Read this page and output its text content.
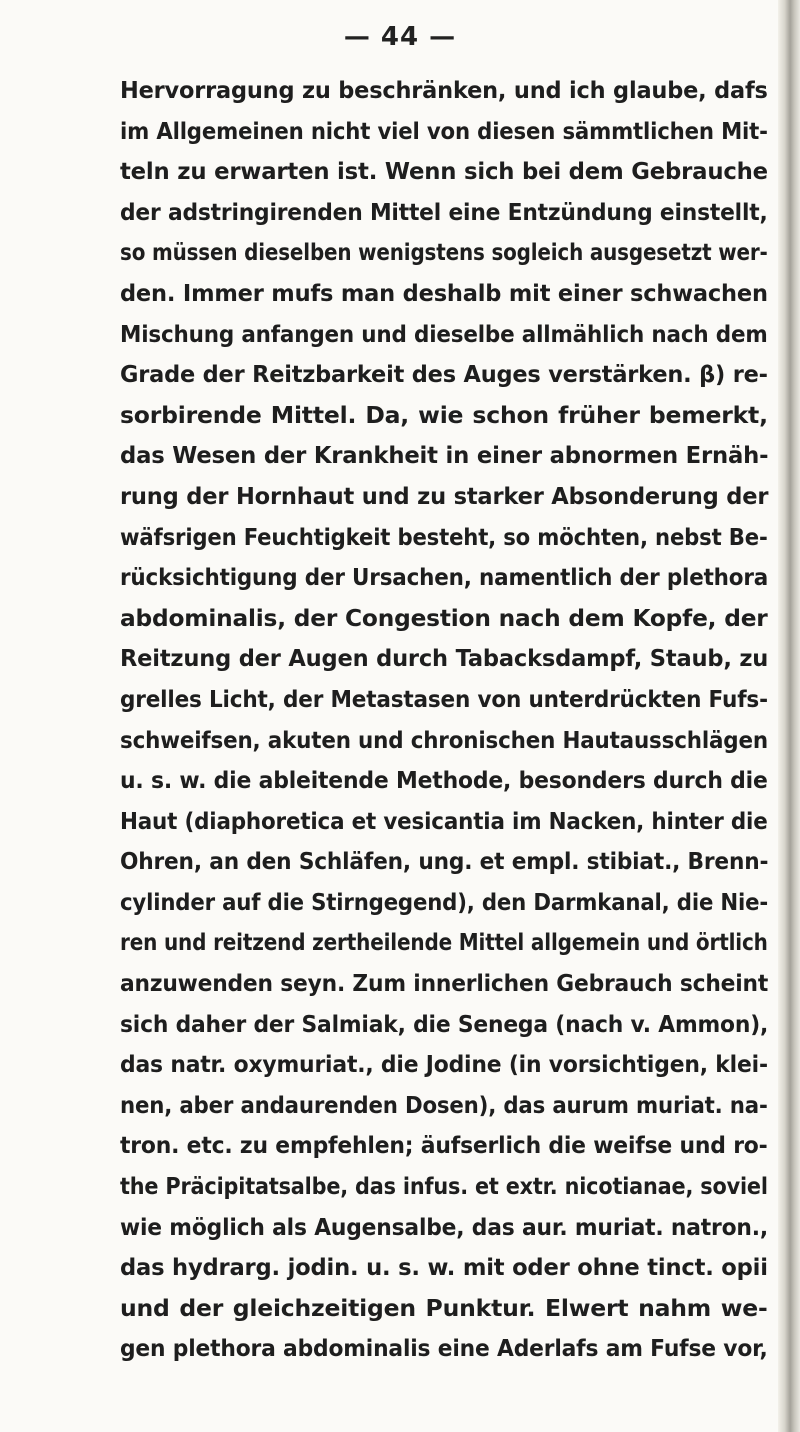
— 44 —
Hervorragung zu beschränken, und ich glaube, dafs
im Allgemeinen nicht viel von diesen sämmtlichen Mit-
teln zu erwarten ist. Wenn sich bei dem Gebrauche
der adstringirenden Mittel eine Entzündung einstellt,
so müssen dieselben wenigstens sogleich ausgesetzt wer-
den. Immer mufs man deshalb mit einer schwachen
Mischung anfangen und dieselbe allmählich nach dem
Grade der Reitzbarkeit des Auges verstärken. β) re-
sorbirende Mittel. Da, wie schon früher bemerkt,
das Wesen der Krankheit in einer abnormen Ernäh-
rung der Hornhaut und zu starker Absonderung der
wäfsrigen Feuchtigkeit besteht, so möchten, nebst Be-
rücksichtigung der Ursachen, namentlich der plethora
abdominalis, der Congestion nach dem Kopfe, der
Reitzung der Augen durch Tabacksdampf, Staub, zu
grelles Licht, der Metastasen von unterdrückten Fufs-
schweifsen, akuten und chronischen Hautausschlägen
u. s. w. die ableitende Methode, besonders durch die
Haut (diaphoretica et vesicantia im Nacken, hinter die
Ohren, an den Schläfen, ung. et empl. stibiat., Brenn-
cylinder auf die Stirngegend), den Darmkanal, die Nie-
ren und reitzend zertheilende Mittel allgemein und örtlich
anzuwenden seyn. Zum innerlichen Gebrauch scheint
sich daher der Salmiak, die Senega (nach v. Ammon),
das natr. oxymuriat., die Jodine (in vorsichtigen, klei-
nen, aber andaurenden Dosen), das aurum muriat. na-
tron. etc. zu empfehlen; äufserlich die weifse und ro-
the Präcipitatsalbe, das infus. et extr. nicotianae, soviel
wie möglich als Augensalbe, das aur. muriat. natron.,
das hydrarg. jodin. u. s. w. mit oder ohne tinct. opii
und der gleichzeitigen Punktur. Elwert nahm we-
gen plethora abdominalis eine Aderlafs am Fufse vor,
